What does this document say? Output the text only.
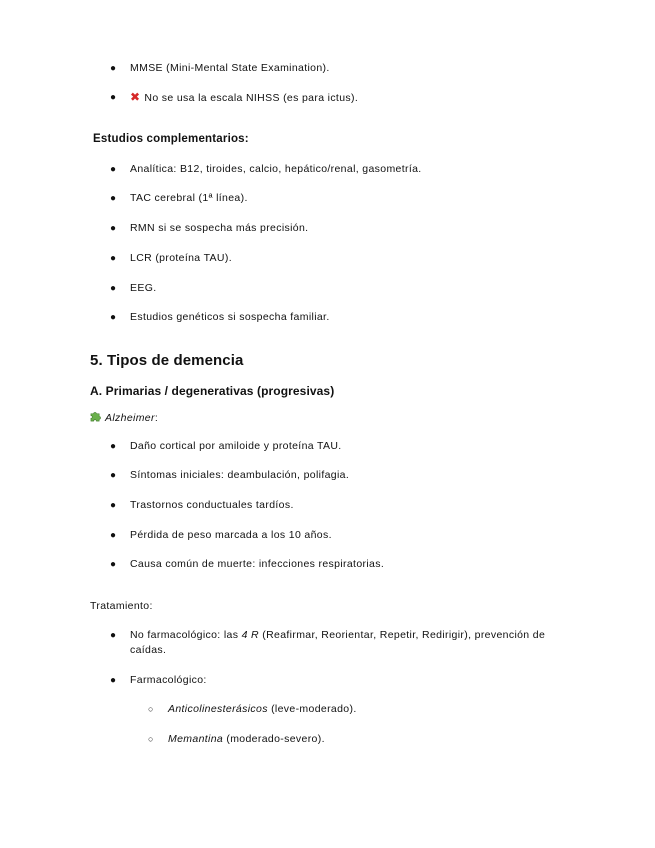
●	MMSE (Mini-Mental State Examination).
●	✖ No se usa la escala NIHSS (es para ictus).
Estudios complementarios:
●	Analítica: B12, tiroides, calcio, hepático/renal, gasometría.
●	TAC cerebral (1ª línea).
●	RMN si se sospecha más precisión.
●	LCR (proteína TAU).
●	EEG.
●	Estudios genéticos si sospecha familiar.
5. Tipos de demencia
A. Primarias / degenerativas (progresivas)
Alzheimer:
●	Daño cortical por amiloide y proteína TAU.
●	Síntomas iniciales: deambulación, polifagia.
●	Trastornos conductuales tardíos.
●	Pérdida de peso marcada a los 10 años.
●	Causa común de muerte: infecciones respiratorias.
Tratamiento:
●	No farmacológico: las 4 R (Reafirmar, Reorientar, Repetir, Redirigir), prevención de caídas.
●	Farmacológico:
○ Anticolinesterásicos (leve-moderado).
○ Memantina (moderado-severo).
